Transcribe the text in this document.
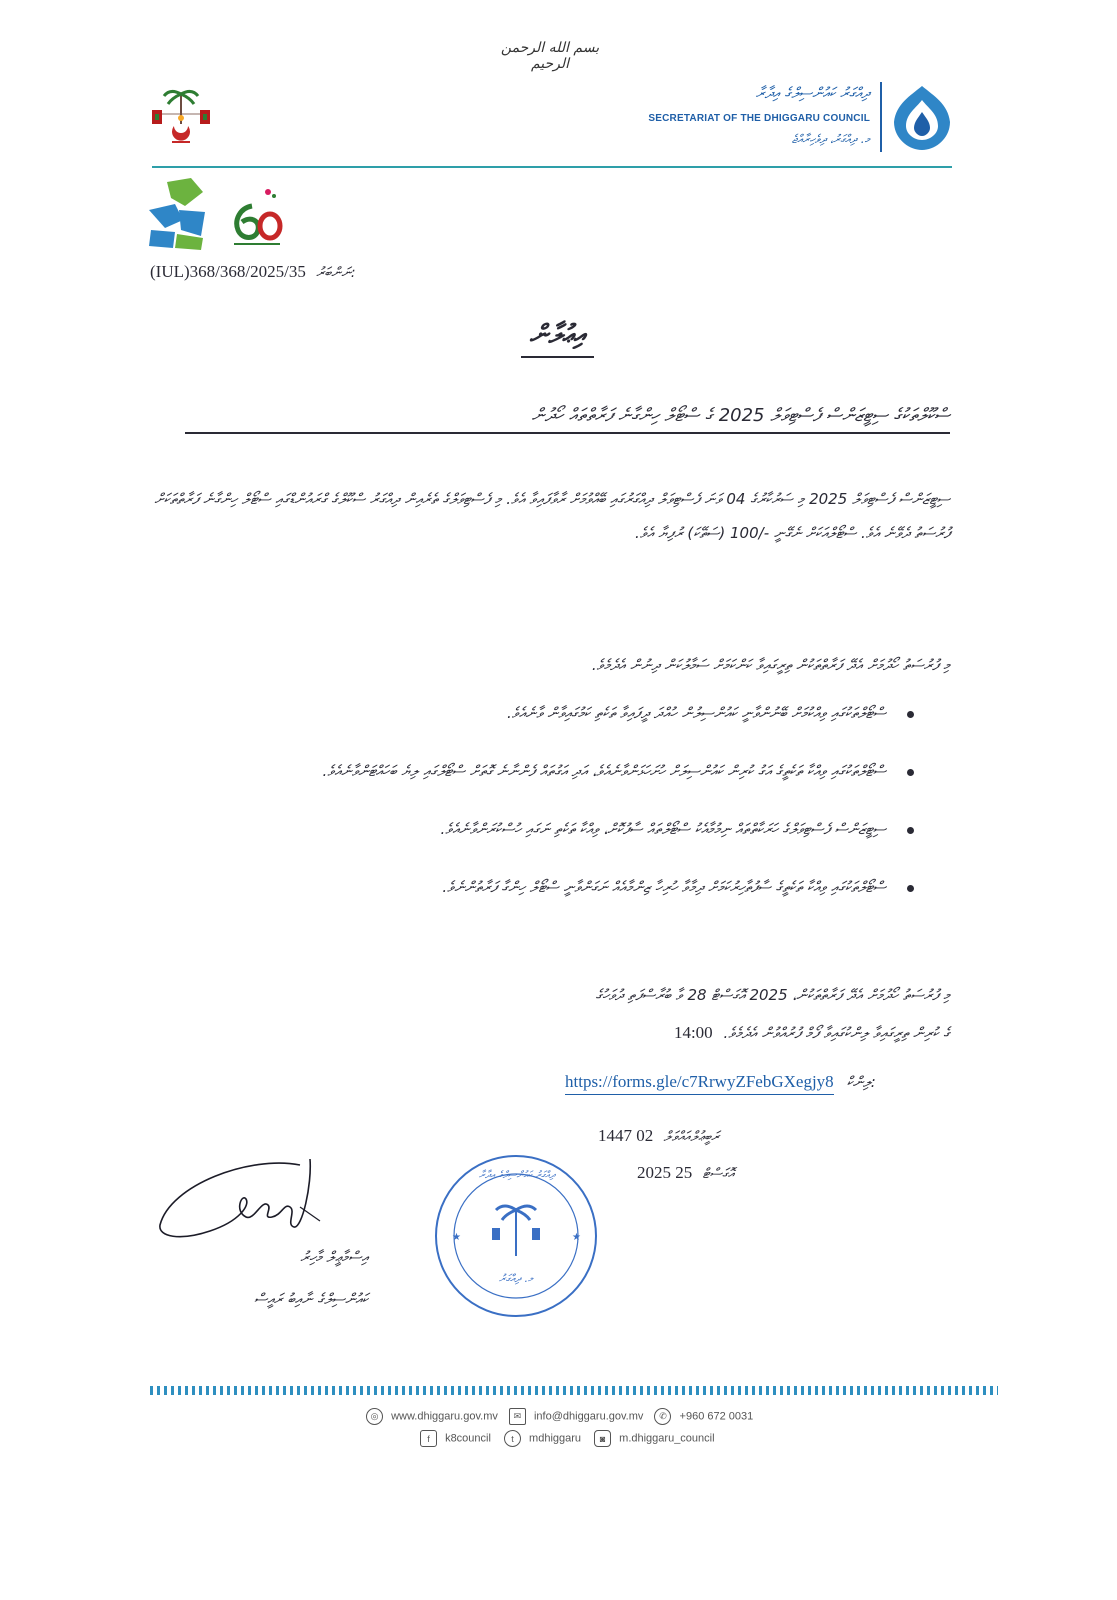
بسم الله الرحمن الرحيم
ދިއްގަރު ކައުންސިލްގެ އިދާރާ
SECRETARIAT OF THE DHIGGARU COUNCIL
މ. ދިއްގަރު، ދިވެހިރާއްޖެ
(IUL)368/368/2025/35 ނަންބަރު:
އިޢުލާން
ސްކޫލްތަކުގެ ސިޓީޒަންސް ފެސްޓިވަލް 2025 ގެ ސްޓޯލް ހިންގާނެ ފަރާތްތައް ހޯދުން
ސިޓީޒަންސް ފެސްޓިވަލް 2025 މި ސަރުކާރުގެ 04 ވަނަ ފެސްޓިވަލް ދިއްގަރުގައި ބޭއްވުމަށް ރާވާފައިވާ އެވެ. މި ފެސްޓިވަލްގެ ތެރެއިން ދިއްގަރު ސްކޫލްގެ ގްރައުންޑްގައި ސްޓޯލް ހިންގާނެ ފަރާތްތަކަށް ފުރުސަތު ދެވޭނެ އެވެ. ސްޓޯލްއަކަށް ނެގޭނީ -/100 (ސަތޭކަ) ރުފިޔާ އެވެ.
މި ފުރުސަތު ހޯދުމަށް އެދޭ ފަރާތްތަކުން ތިރީގައިވާ ކަންކަމަށް ސަމާލުކަން ދިނުން އެދެމެވެ.
ސްޓޯލްތަކުގައި ވިއްކުމަށް ބޭނުންވާނީ ކައުންސިލުން ހުއްދަ ދީފައިވާ ތަކެތި ކަމުގައިވާން ވާނެއެވެ.
ސްޓޯލްތަކުގައި ވިއްކާ ތަކެތީގެ އަގު ކުރިން ކައުންސިލަށް ހުށަހަޅަންވާނެއެވެ، އަދި އަގުތައް ފެންނާނެ ގޮތަށް ސްޓޯލްގައި ލިޔެ ބަހައްޓަންވާނެއެވެ.
ސިޓީޒަންސް ފެސްޓިވަލްގެ ހަރަކާތްތައް ނިމުމާއެކު ސްޓޯލްތައް ސާފުކޮށް، ވިއްކާ ތަކެތި ނަގައި ހުސްކުރަންވާނެއެވެ.
ސްޓޯލްތަކުގައި ވިއްކާ ތަކެތީގެ ސާފުތާހިރުކަމަށް ދިމާވާ ހުރިހާ ޒިންމާއެއް ނަގަންވާނީ ސްޓޯލް ހިންގާ ފަރާތުންނެވެ.
މި ފުރުސަތު ހޯދުމަށް އެދޭ ފަރާތްތަކުން، 2025 އޮގަސްޓް 28 ވާ ބުރާސްފަތި ދުވަހުގެ
ގެ ކުރިން ތިރީގައިވާ ލިންކުގައިވާ ފޯމް ފުރުއްވުން އެދެމެވެ. 14:00
https://forms.gle/c7RrwyZFebGXegjy8 ލިންކް:
1447 ރަބީޢުލްއައްވަލް 02
2025 އޮގަސްޓް 25
އިސްމާޢީލް މާހިރު
ކައުންސިލްގެ ނާއިބު ރައީސް
★	★
ދިއްގަރު ކައުންސިލްގެ އިދާރާ
މ. ދިއްގަރު
◎ www.dhiggaru.gov.mv ✉ info@dhiggaru.gov.mv ✆ +960 672 0031
f k8council t mdhiggaru ◙ m.dhiggaru_council
